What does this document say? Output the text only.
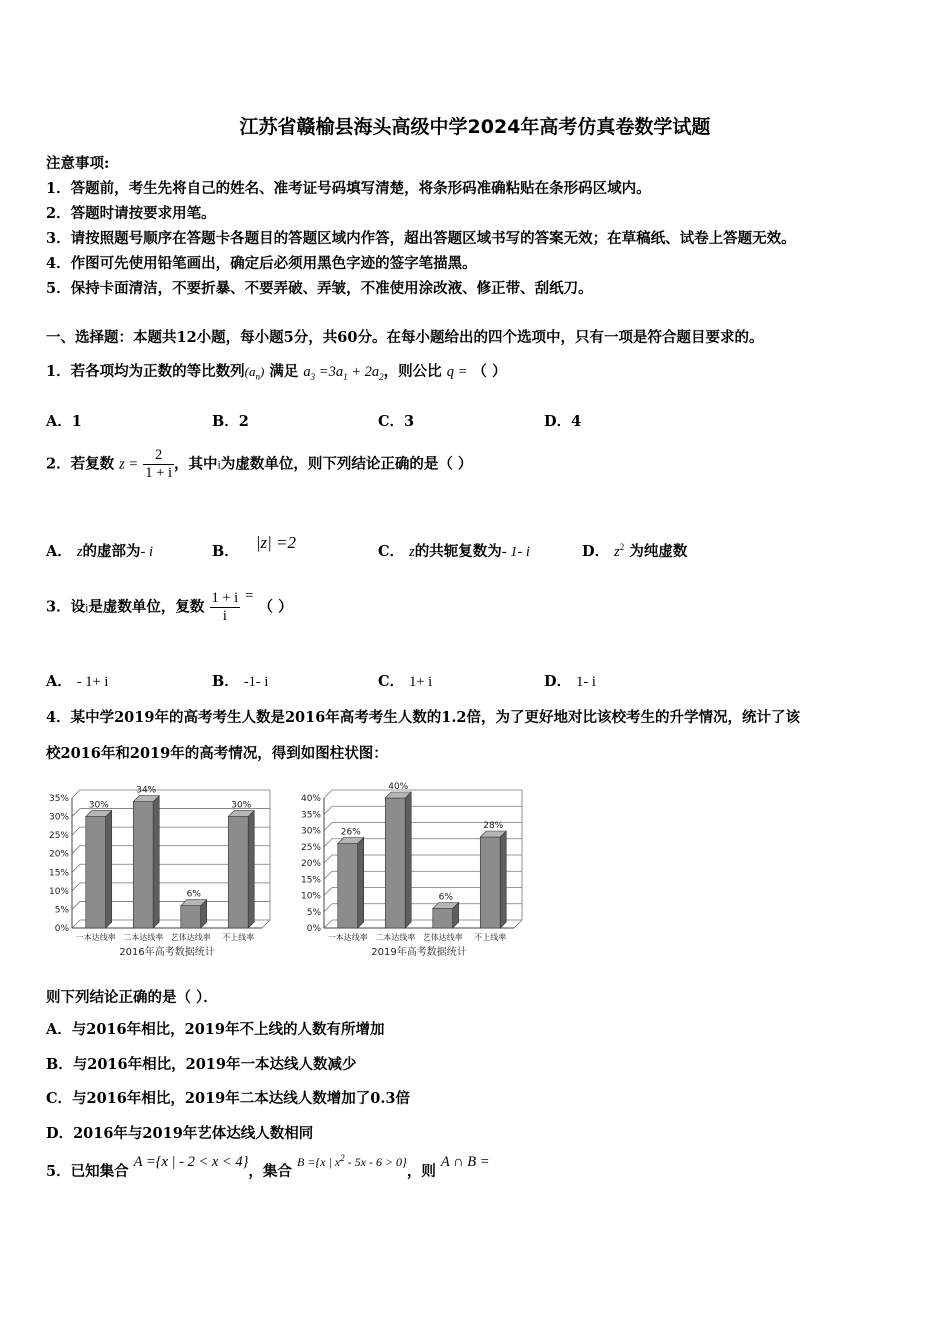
江苏省赣榆县海头高级中学2024年高考仿真卷数学试题
注意事项:
1．答题前，考生先将自己的姓名、准考证号码填写清楚，将条形码准确粘贴在条形码区域内。
2．答题时请按要求用笔。
3．请按照题号顺序在答题卡各题目的答题区域内作答，超出答题区域书写的答案无效；在草稿纸、试卷上答题无效。
4．作图可先使用铅笔画出，确定后必须用黑色字迹的签字笔描黑。
5．保持卡面清洁，不要折暴、不要弄破、弄皱，不准使用涂改液、修正带、刮纸刀。
一、选择题：本题共12小题，每小题5分，共60分。在每小题给出的四个选项中，只有一项是符合题目要求的。
1．若各项均为正数的等比数列$(a_n)$ 满足 $a_3 =3a_1 + 2a_2$，则公比 q = （ ）
A．1	B．2	C．3	D．4
2．若复数 $z = \frac{2}{1 + i}$ ，其中i为虚数单位，则下列结论正确的是（ ）
A． z的虚部为- i	B． |z| =2	C． z的共轭复数为- 1- i	D． $z^2$ 为纯虚数
3．设i是虚数单位，复数 $\frac{1 + i}{i}$ = （ ）
A． - 1+ i	B． -1- i	C． 1+ i	D． 1- i
4．某中学2019年的高考考生人数是2016年高考考生人数的1.2倍，为了更好地对比该校考生的升学情况，统计了该
校2016年和2019年的高考情况，得到如图柱状图：
0%
5%
10%
15%
20%
25%
30%
35%
30%
一本达线率
34%
二本达线率
6%
艺体达线率
30%
不上线率
2016年高考数据统计
0%
5%
10%
15%
20%
25%
30%
35%
40%
26%
一本达线率
40%
二本达线率
6%
艺体达线率
28%
不上线率
2019年高考数据统计
则下列结论正确的是（ ）．
A．与2016年相比，2019年不上线的人数有所增加
B．与2016年相比，2019年一本达线人数减少
C．与2016年相比，2019年二本达线人数增加了0.3倍
D．2016年与2019年艺体达线人数相同
5．已知集合 A ={x | - 2 < x < 4}，集合 $^{B =\{x | x^2 - 5x - 6 > 0\}}$，则 A ∩ B =
